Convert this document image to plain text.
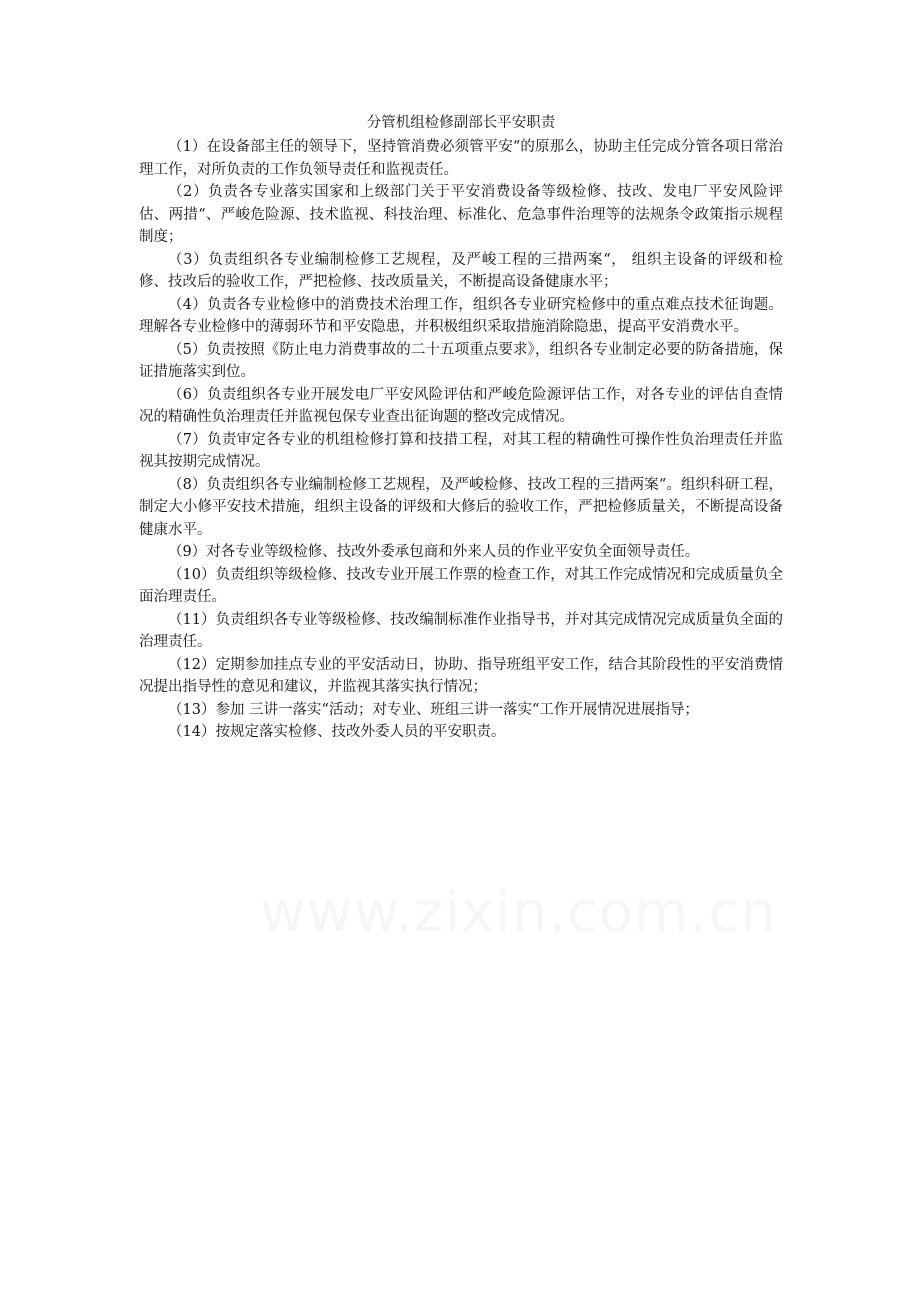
分管机组检修副部长平安职责

（1）在设备部主任的领导下，坚持管消费必须管平安“的原那么，协助主任完成分管各项日常治理工作，对所负责的工作负领导责任和监视责任。

（2）负责各专业落实国家和上级部门关于平安消费设备等级检修、技改、发电厂平安风险评估、两措“、严峻危险源、技术监视、科技治理、标准化、危急事件治理等的法规条令政策指示规程制度；

（3）负责组织各专业编制检修工艺规程，及严峻工程的三措两案“， 组织主设备的评级和检修、技改后的验收工作，严把检修、技改质量关，不断提高设备健康水平；

（4）负责各专业检修中的消费技术治理工作，组织各专业研究检修中的重点难点技术征询题。理解各专业检修中的薄弱环节和平安隐患，并积极组织采取措施消除隐患，提高平安消费水平。

（5）负责按照《防止电力消费事故的二十五项重点要求》，组织各专业制定必要的防备措施，保证措施落实到位。

（6）负责组织各专业开展发电厂平安风险评估和严峻危险源评估工作，对各专业的评估自查情况的精确性负治理责任并监视包保专业查出征询题的整改完成情况。

（7）负责审定各专业的机组检修打算和技措工程，对其工程的精确性可操作性负治理责任并监视其按期完成情况。

（8）负责组织各专业编制检修工艺规程，及严峻检修、技改工程的三措两案“。组织科研工程，制定大小修平安技术措施，组织主设备的评级和大修后的验收工作，严把检修质量关，不断提高设备健康水平。

（9）对各专业等级检修、技改外委承包商和外来人员的作业平安负全面领导责任。

（10）负责组织等级检修、技改专业开展工作票的检查工作，对其工作完成情况和完成质量负全面治理责任。

（11）负责组织各专业等级检修、技改编制标准作业指导书，并对其完成情况完成质量负全面的治理责任。

（12）定期参加挂点专业的平安活动日，协助、指导班组平安工作，结合其阶段性的平安消费情况提出指导性的意见和建议，并监视其落实执行情况；

（13）参加 三讲一落实“活动；对专业、班组三讲一落实“工作开展情况进展指导；

（14）按规定落实检修、技改外委人员的平安职责。
